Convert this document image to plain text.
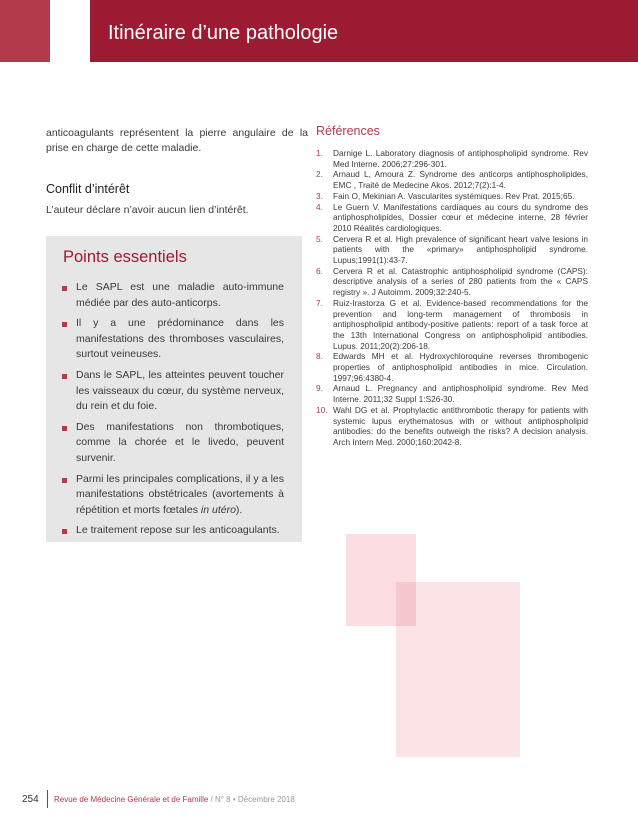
Itinéraire d’une pathologie

anticoagulants représentent la pierre angulaire de la prise en charge de cette maladie.

Conflit d’intérêt

L’auteur déclare n’avoir aucun lien d’intérêt.

Points essentiels
Le SAPL est une maladie auto-immune médiée par des auto-anticorps.
Il y a une prédominance dans les manifestations des thromboses vasculaires, surtout veineuses.
Dans le SAPL, les atteintes peuvent toucher les vaisseaux du cœur, du système nerveux, du rein et du foie.
Des manifestations non thrombotiques, comme la chorée et le livedo, peuvent survenir.
Parmi les principales complications, il y a les manifestations obstétricales (avortements à répétition et morts fœtales in utéro).
Le traitement repose sur les anticoagulants.
Références
1. Darnige L. Laboratory diagnosis of antiphospholipid syndrome. Rev Med Interne. 2006;27:296-301.
2. Arnaud L, Amoura Z. Syndrome des anticorps antiphospholipides, EMC , Traité de Medecine Akos. 2012;7(2):1-4.
3. Fain O, Mekinian A. Vascularites systémiques. Rev Prat. 2015;65.
4. Le Guern V. Manifestations cardiaques au cours du syndrome des antiphospholipides, Dossier cœur et médecine interne, 28 février 2010 Réalités cardiologiques.
5. Cervera R et al. High prevalence of significant heart valve lesions in patients with the «primary» antiphospholipid syndrome. Lupus;1991(1):43-7.
6. Cervera R et al. Catastrophic antiphospholipid syndrome (CAPS): descriptive analysis of a series of 280 patients from the « CAPS registry ». J Autoimm. 2009;32:240-5.
7. Ruiz-Irastorza G et al. Evidence-based recommendations for the prevention and long-term management of thrombosis in antiphospholipid antibody-positive patients: report of a task force at the 13th International Congress on antiphospholipid antibodies. Lupus. 2011;20(2):206-18.
8. Edwards MH et al. Hydroxychloroquine reverses thrombogenic properties of antiphospholipid antibodies in mice. Circulation. 1997;96:4380-4.
9. Arnaud L. Pregnancy and antiphospholipid syndrome. Rev Med Interne. 2011;32 Suppl 1:S26-30.
10. Wahl DG et al. Prophylactic antithrombotic therapy for patients with systemic lupus erythematosus with or without antiphospholipid antibodies: do the benefits outweigh the risks? A decision analysis. Arch Intern Med. 2000;160:2042-8.
254 Revue de Médecine Générale et de Famille / N° 8 • Décembre 2018
